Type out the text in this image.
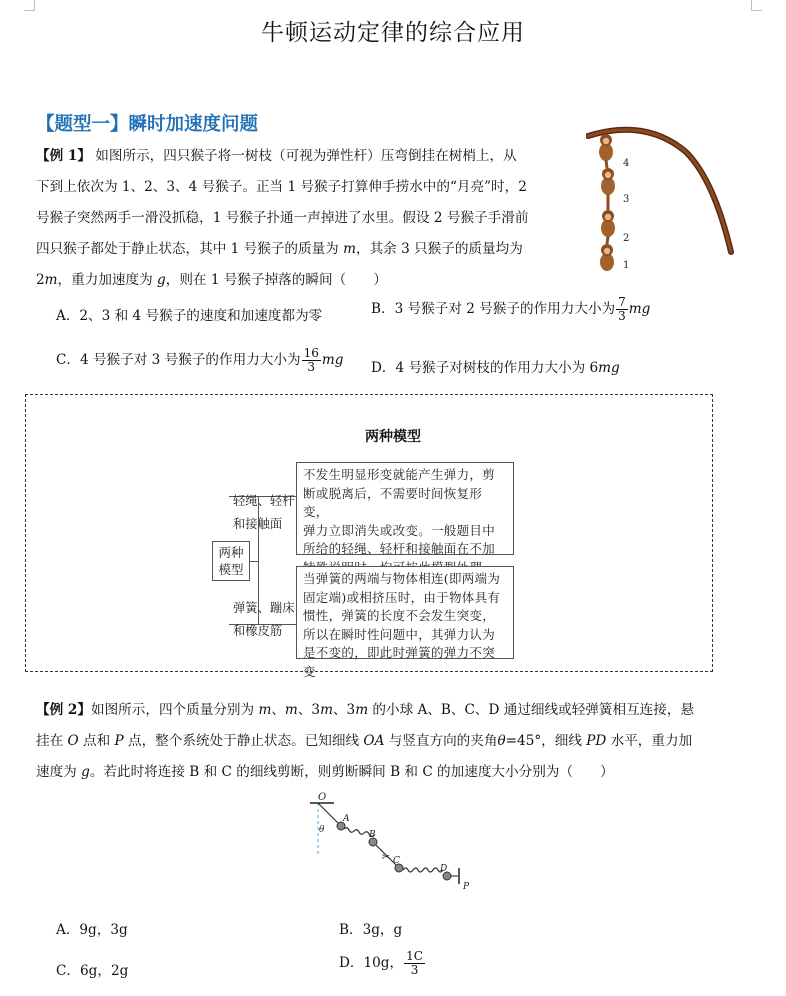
牛顿运动定律的综合应用
【题型一】瞬时加速度问题
【例 1】 如图所示，四只猴子将一树枝（可视为弹性杆）压弯倒挂在树梢上，从
下到上依次为 1、2、3、4 号猴子。正当 1 号猴子打算伸手捞水中的“月亮”时，2
号猴子突然两手一滑没抓稳，1 号猴子扑通一声掉进了水里。假设 2 号猴子手滑前
四只猴子都处于静止状态，其中 1 号猴子的质量为 m，其余 3 只猴子的质量均为
2m，重力加速度为 g，则在 1 号猴子掉落的瞬间（　　）
4
3
2
1
A．2、3 和 4 号猴子的速度和加速度都为零	B．3 号猴子对 2 号猴子的作用力大小为 $\frac{7}{3}$ mg
C．4 号猴子对 3 号猴子的作用力大小为 $\frac{16}{3}$ mg D．4 号猴子对树枝的作用力大小为 6mg
两种模型
两种
模型
轻绳、轻杆
和接触面
弹簧、蹦床
和橡皮筋
不发生明显形变就能产生弹力，剪
断或脱离后，不需要时间恢复形变，
弹力立即消失或改变。一般题目中
所给的轻绳、轻杆和接触面在不加
当弹簧的两端与物体相连(即两端为
固定端)或相挤压时，由于物体具有
惯性，弹簧的长度不会发生突变，
所以在瞬时性问题中，其弹力认为
是不变的，即此时弹簧的弹力不突变
【例 2】如图所示，四个质量分别为 m、m、3m、3m 的小球 A、B、C、D 通过细线或轻弹簧相互连接，悬
挂在 O 点和 P 点，整个系统处于静止状态。已知细线 OA 与竖直方向的夹角θ=45°，细线 PD 水平，重力加
速度为 g。若此时将连接 B 和 C 的细线剪断，则剪断瞬间 B 和 C 的加速度大小分别为（　　）
✂
O
θ
A
B
C
D
P
A．9g，3g	B．3g，g
C．6g，2g	D．10g， $\frac{1C}{3}$
